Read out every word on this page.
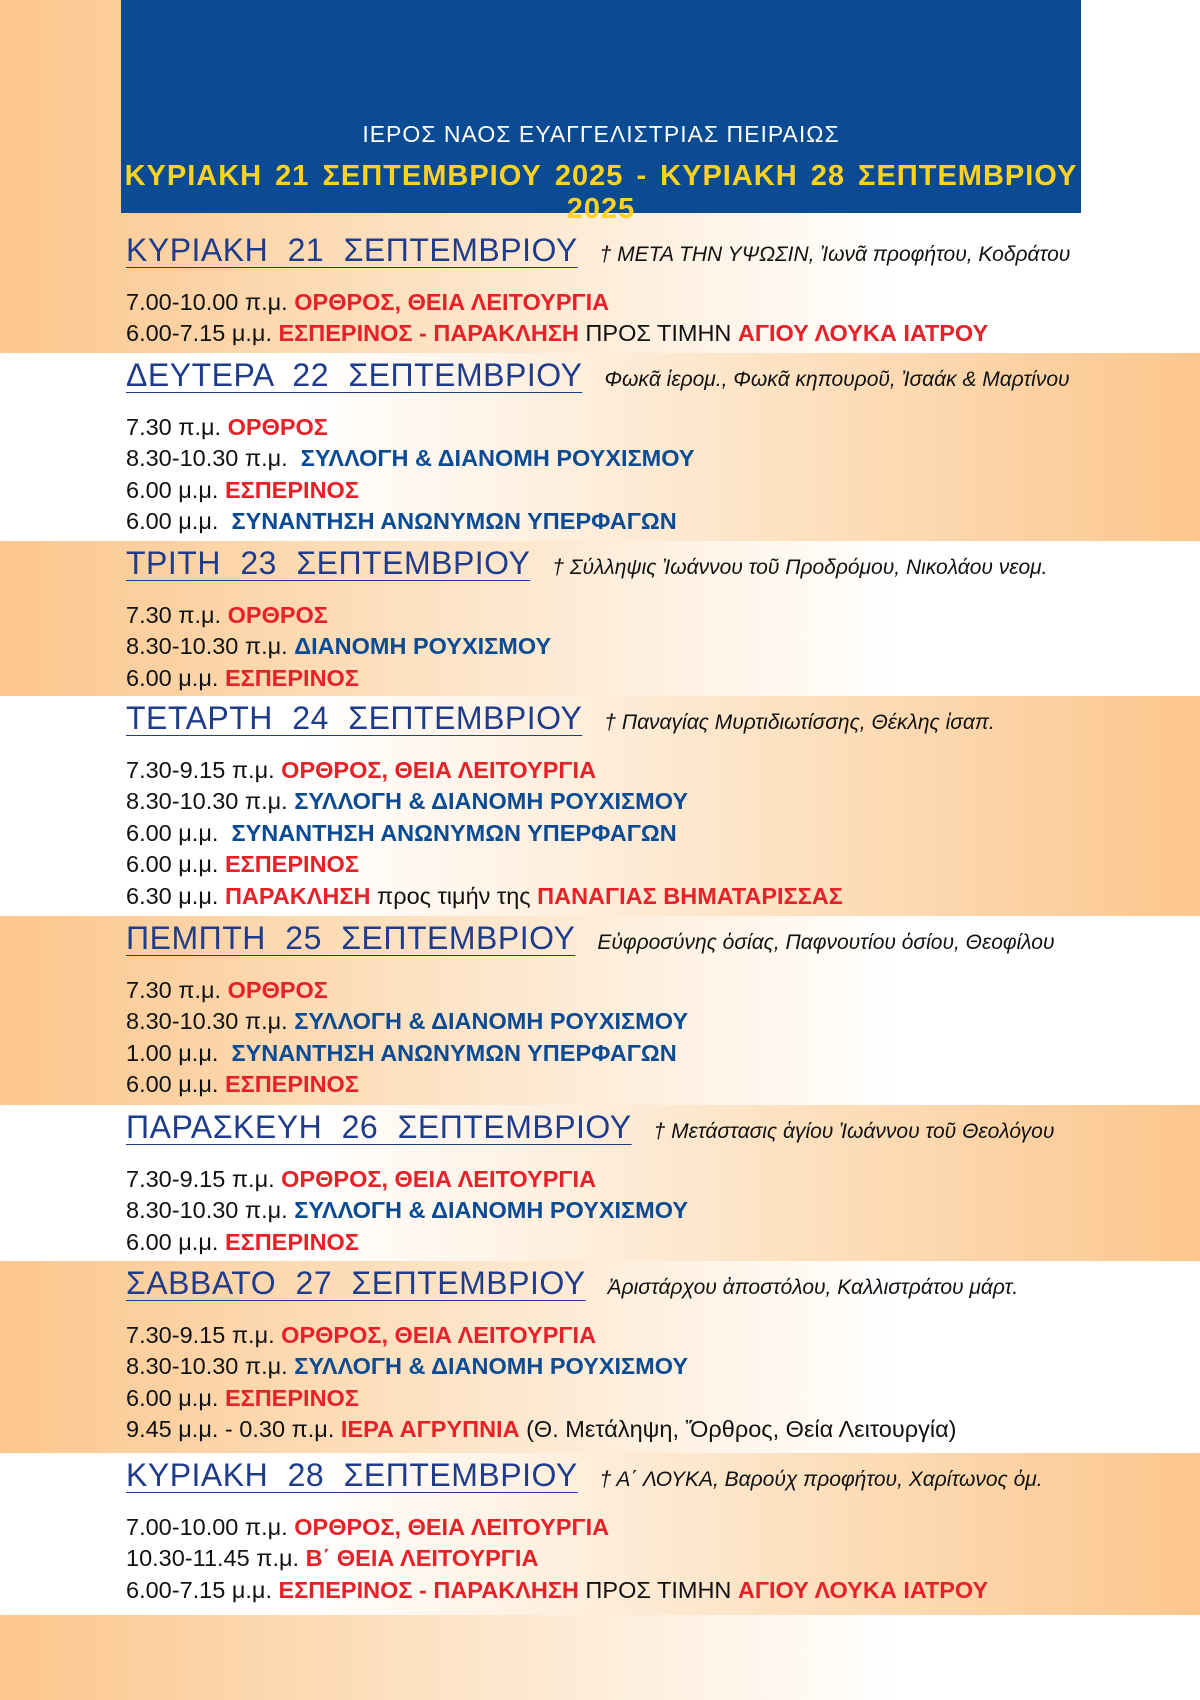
ΙΕΡΟΣ ΝΑΟΣ ΕΥΑΓΓΕΛΙΣΤΡΙΑΣ ΠΕΙΡΑΙΩΣ
ΚΥΡΙΑΚΗ 21 ΣΕΠΤΕΜΒΡΙΟΥ 2025 - ΚΥΡΙΑΚΗ 28 ΣΕΠΤΕΜΒΡΙΟΥ 2025
ΚΥΡΙΑΚΗ 21 ΣΕΠΤΕΜΒΡΙΟΥ † ΜΕΤΑ ΤΗΝ ΥΨΩΣΙΝ, Ἰωνᾶ προφήτου, Κοδράτου
7.00-10.00 π.μ. ΟΡΘΡΟΣ, ΘΕΙΑ ΛΕΙΤΟΥΡΓΙΑ
6.00-7.15 μ.μ. ΕΣΠΕΡΙΝΟΣ - ΠΑΡΑΚΛΗΣΗ ΠΡΟΣ ΤΙΜΗΝ ΑΓΙΟΥ ΛΟΥΚΑ ΙΑΤΡΟΥ
ΔΕΥΤΕΡΑ 22 ΣΕΠΤΕΜΒΡΙΟΥ Φωκᾶ ἱερομ., Φωκᾶ κηπουροῦ, Ἰσαάκ & Μαρτίνου
7.30 π.μ. ΟΡΘΡΟΣ
8.30-10.30 π.μ.  ΣΥΛΛΟΓΗ & ΔΙΑΝΟΜΗ ΡΟΥΧΙΣΜΟΥ
6.00 μ.μ. ΕΣΠΕΡΙΝΟΣ
6.00 μ.μ.  ΣΥΝΑΝΤΗΣΗ ΑΝΩΝΥΜΩΝ ΥΠΕΡΦΑΓΩΝ
ΤΡΙΤΗ 23 ΣΕΠΤΕΜΒΡΙΟΥ † Σύλληψις Ἰωάννου τοῦ Προδρόμου, Νικολάου νεομ.
7.30 π.μ. ΟΡΘΡΟΣ
8.30-10.30 π.μ. ΔΙΑΝΟΜΗ ΡΟΥΧΙΣΜΟΥ
6.00 μ.μ. ΕΣΠΕΡΙΝΟΣ
ΤΕΤΑΡΤΗ 24 ΣΕΠΤΕΜΒΡΙΟΥ † Παναγίας Μυρτιδιωτίσσης, Θέκλης ἰσαπ.
7.30-9.15 π.μ. ΟΡΘΡΟΣ, ΘΕΙΑ ΛΕΙΤΟΥΡΓΙΑ
8.30-10.30 π.μ. ΣΥΛΛΟΓΗ & ΔΙΑΝΟΜΗ ΡΟΥΧΙΣΜΟΥ
6.00 μ.μ.  ΣΥΝΑΝΤΗΣΗ ΑΝΩΝΥΜΩΝ ΥΠΕΡΦΑΓΩΝ
6.00 μ.μ. ΕΣΠΕΡΙΝΟΣ
6.30 μ.μ. ΠΑΡΑΚΛΗΣΗ προς τιμήν της ΠΑΝΑΓΙΑΣ ΒΗΜΑΤΑΡΙΣΣΑΣ
ΠΕΜΠΤΗ 25 ΣΕΠΤΕΜΒΡΙΟΥ Εὐφροσύνης ὁσίας, Παφνουτίου ὁσίου, Θεοφίλου
7.30 π.μ. ΟΡΘΡΟΣ
8.30-10.30 π.μ. ΣΥΛΛΟΓΗ & ΔΙΑΝΟΜΗ ΡΟΥΧΙΣΜΟΥ
1.00 μ.μ.  ΣΥΝΑΝΤΗΣΗ ΑΝΩΝΥΜΩΝ ΥΠΕΡΦΑΓΩΝ
6.00 μ.μ. ΕΣΠΕΡΙΝΟΣ
ΠΑΡΑΣΚΕΥΗ 26 ΣΕΠΤΕΜΒΡΙΟΥ † Μετάστασις ἁγίου Ἰωάννου τοῦ Θεολόγου
7.30-9.15 π.μ. ΟΡΘΡΟΣ, ΘΕΙΑ ΛΕΙΤΟΥΡΓΙΑ
8.30-10.30 π.μ. ΣΥΛΛΟΓΗ & ΔΙΑΝΟΜΗ ΡΟΥΧΙΣΜΟΥ
6.00 μ.μ. ΕΣΠΕΡΙΝΟΣ
ΣΑΒΒΑΤΟ 27 ΣΕΠΤΕΜΒΡΙΟΥ Ἀριστάρχου ἀποστόλου, Καλλιστράτου μάρτ.
7.30-9.15 π.μ. ΟΡΘΡΟΣ, ΘΕΙΑ ΛΕΙΤΟΥΡΓΙΑ
8.30-10.30 π.μ. ΣΥΛΛΟΓΗ & ΔΙΑΝΟΜΗ ΡΟΥΧΙΣΜΟΥ
6.00 μ.μ. ΕΣΠΕΡΙΝΟΣ
9.45 μ.μ. - 0.30 π.μ. ΙΕΡΑ ΑΓΡΥΠΝΙΑ (Θ. Μετάληψη, Ὄρθρος, Θεία Λειτουργία)
ΚΥΡΙΑΚΗ 28 ΣΕΠΤΕΜΒΡΙΟΥ † Α΄ ΛΟΥΚΑ, Βαρούχ προφήτου, Χαρίτωνος ὁμ.
7.00-10.00 π.μ. ΟΡΘΡΟΣ, ΘΕΙΑ ΛΕΙΤΟΥΡΓΙΑ
10.30-11.45 π.μ. Β΄ ΘΕΙΑ ΛΕΙΤΟΥΡΓΙΑ
6.00-7.15 μ.μ. ΕΣΠΕΡΙΝΟΣ - ΠΑΡΑΚΛΗΣΗ ΠΡΟΣ ΤΙΜΗΝ ΑΓΙΟΥ ΛΟΥΚΑ ΙΑΤΡΟΥ
